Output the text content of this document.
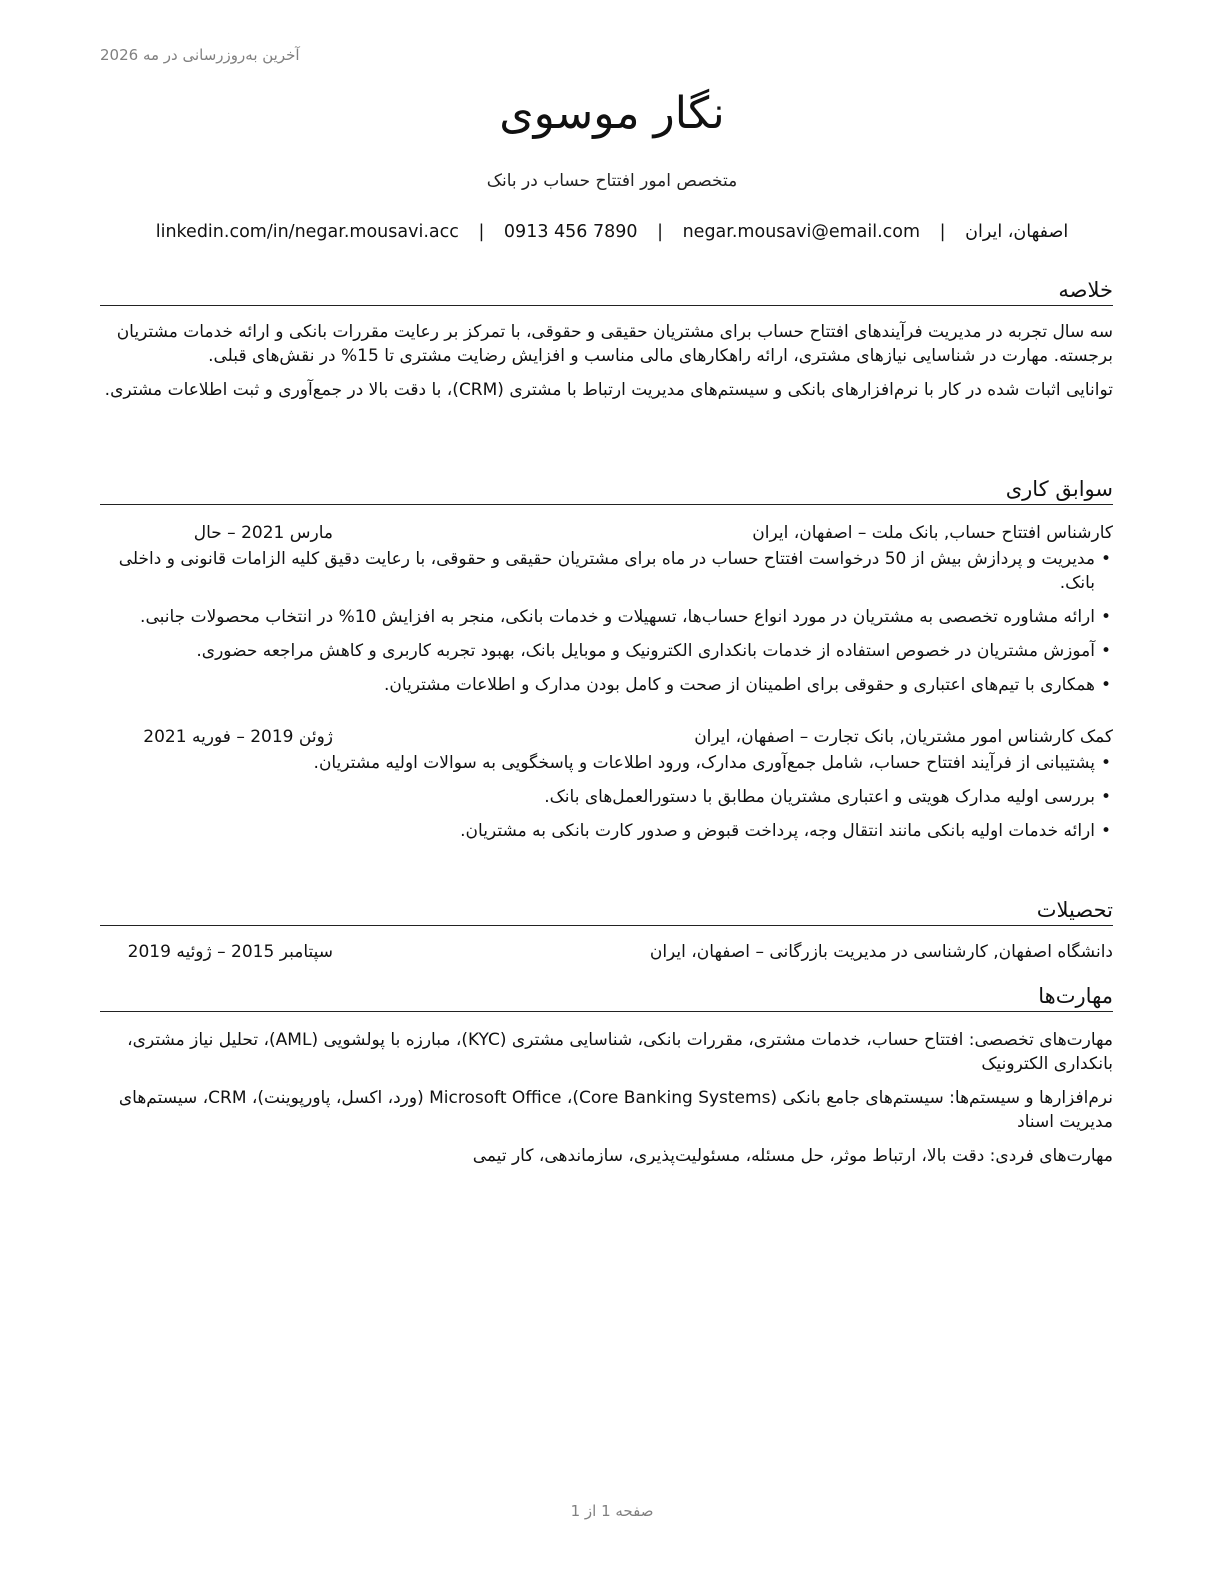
آخرین به‌روزرسانی در مه 2026
نگار موسوی
متخصص امور افتتاح حساب در بانک
اصفهان، ایران | negar.mousavi@email.com | 0913 456 7890 | linkedin.com/in/negar.mousavi.acc
خلاصه

سه سال تجربه در مدیریت فرآیندهای افتتاح حساب برای مشتریان حقیقی و حقوقی، با تمرکز بر رعایت مقررات بانکی و ارائه خدمات مشتریان برجسته. مهارت در شناسایی نیازهای مشتری، ارائه راهکارهای مالی مناسب و افزایش رضایت مشتری تا 15% در نقش‌های قبلی.

توانایی اثبات شده در کار با نرم‌افزارهای بانکی و سیستم‌های مدیریت ارتباط با مشتری (CRM)، با دقت بالا در جمع‌آوری و ثبت اطلاعات مشتری.

سوابق کاری
کارشناس افتتاح حساب, بانک ملت – اصفهان، ایران
مارس 2021 – حال
• مدیریت و پردازش بیش از 50 درخواست افتتاح حساب در ماه برای مشتریان حقیقی و حقوقی، با رعایت دقیق کلیه الزامات قانونی و داخلی بانک.
• ارائه مشاوره تخصصی به مشتریان در مورد انواع حساب‌ها، تسهیلات و خدمات بانکی، منجر به افزایش 10% در انتخاب محصولات جانبی.
• آموزش مشتریان در خصوص استفاده از خدمات بانکداری الکترونیک و موبایل بانک، بهبود تجربه کاربری و کاهش مراجعه حضوری.
• همکاری با تیم‌های اعتباری و حقوقی برای اطمینان از صحت و کامل بودن مدارک و اطلاعات مشتریان.
کمک کارشناس امور مشتریان, بانک تجارت – اصفهان، ایران
ژوئن 2019 – فوریه 2021
• پشتیبانی از فرآیند افتتاح حساب، شامل جمع‌آوری مدارک، ورود اطلاعات و پاسخگویی به سوالات اولیه مشتریان.
• بررسی اولیه مدارک هویتی و اعتباری مشتریان مطابق با دستورالعمل‌های بانک.
• ارائه خدمات اولیه بانکی مانند انتقال وجه، پرداخت قبوض و صدور کارت بانکی به مشتریان.
تحصیلات
دانشگاه اصفهان, کارشناسی در مدیریت بازرگانی – اصفهان، ایران
سپتامبر 2015 – ژوئیه 2019
مهارت‌ها

مهارت‌های تخصصی: افتتاح حساب، خدمات مشتری، مقررات بانکی، شناسایی مشتری (KYC)، مبارزه با پولشویی (AML)، تحلیل نیاز مشتری، بانکداری الکترونیک

نرم‌افزارها و سیستم‌ها: سیستم‌های جامع بانکی (Core Banking Systems)، Microsoft Office (ورد، اکسل، پاورپوینت)، CRM، سیستم‌های مدیریت اسناد

مهارت‌های فردی: دقت بالا، ارتباط موثر، حل مسئله، مسئولیت‌پذیری، سازماندهی، کار تیمی

صفحه 1 از 1
